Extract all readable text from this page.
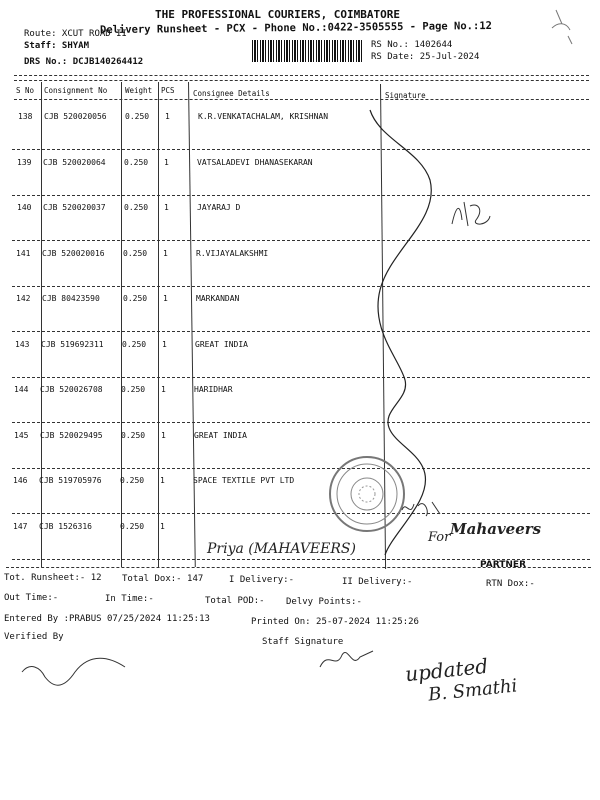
THE PROFESSIONAL COURIERS, COIMBATORE
Delivery Runsheet - PCX - Phone No.:0422-3505555 - Page No.:12
Route: XCUT ROAD II
Staff: SHYAM
DRS No.: DCJB140264412
RS No.: 1402644
RS Date: 25-Jul-2024
S No Consignment No Weight PCS Consignee Details	Signature
138 CJB 520020056 0.250 1	K.R.VENKATACHALAM, KRISHNAN
139 CJB 520020064 0.250 1	VATSALADEVI DHANASEKARAN
140 CJB 520020037 0.250 1	JAYARAJ D
141 CJB 520020016 0.250 1	R.VIJAYALAKSHMI
142 CJB 80423590	0.250 1	MARKANDAN
143 CJB 519692311 0.250 1	GREAT INDIA
144 CJB 520026708 0.250 1	HARIDHAR
145 CJB 520029495 0.250 1	GREAT INDIA
146 CJB 519705976 0.250 1	SPACE TEXTILE PVT LTD
147 CJB 1526316	0.250 1
Tot. Runsheet:- 12 Total Dox:- 147	I Delivery:-	II Delivery:-	RTN Dox:-
Out Time:-	In Time:-	Total POD:- Delvy Points:-
Entered By :PRABUS 07/25/2024 11:25:13	Printed On: 25-07-2024 11:25:26
Verified By	Staff Signature
Priya (MAHAVEERS)
For Mahaveers
PARTNER
updated
B. Smathi
